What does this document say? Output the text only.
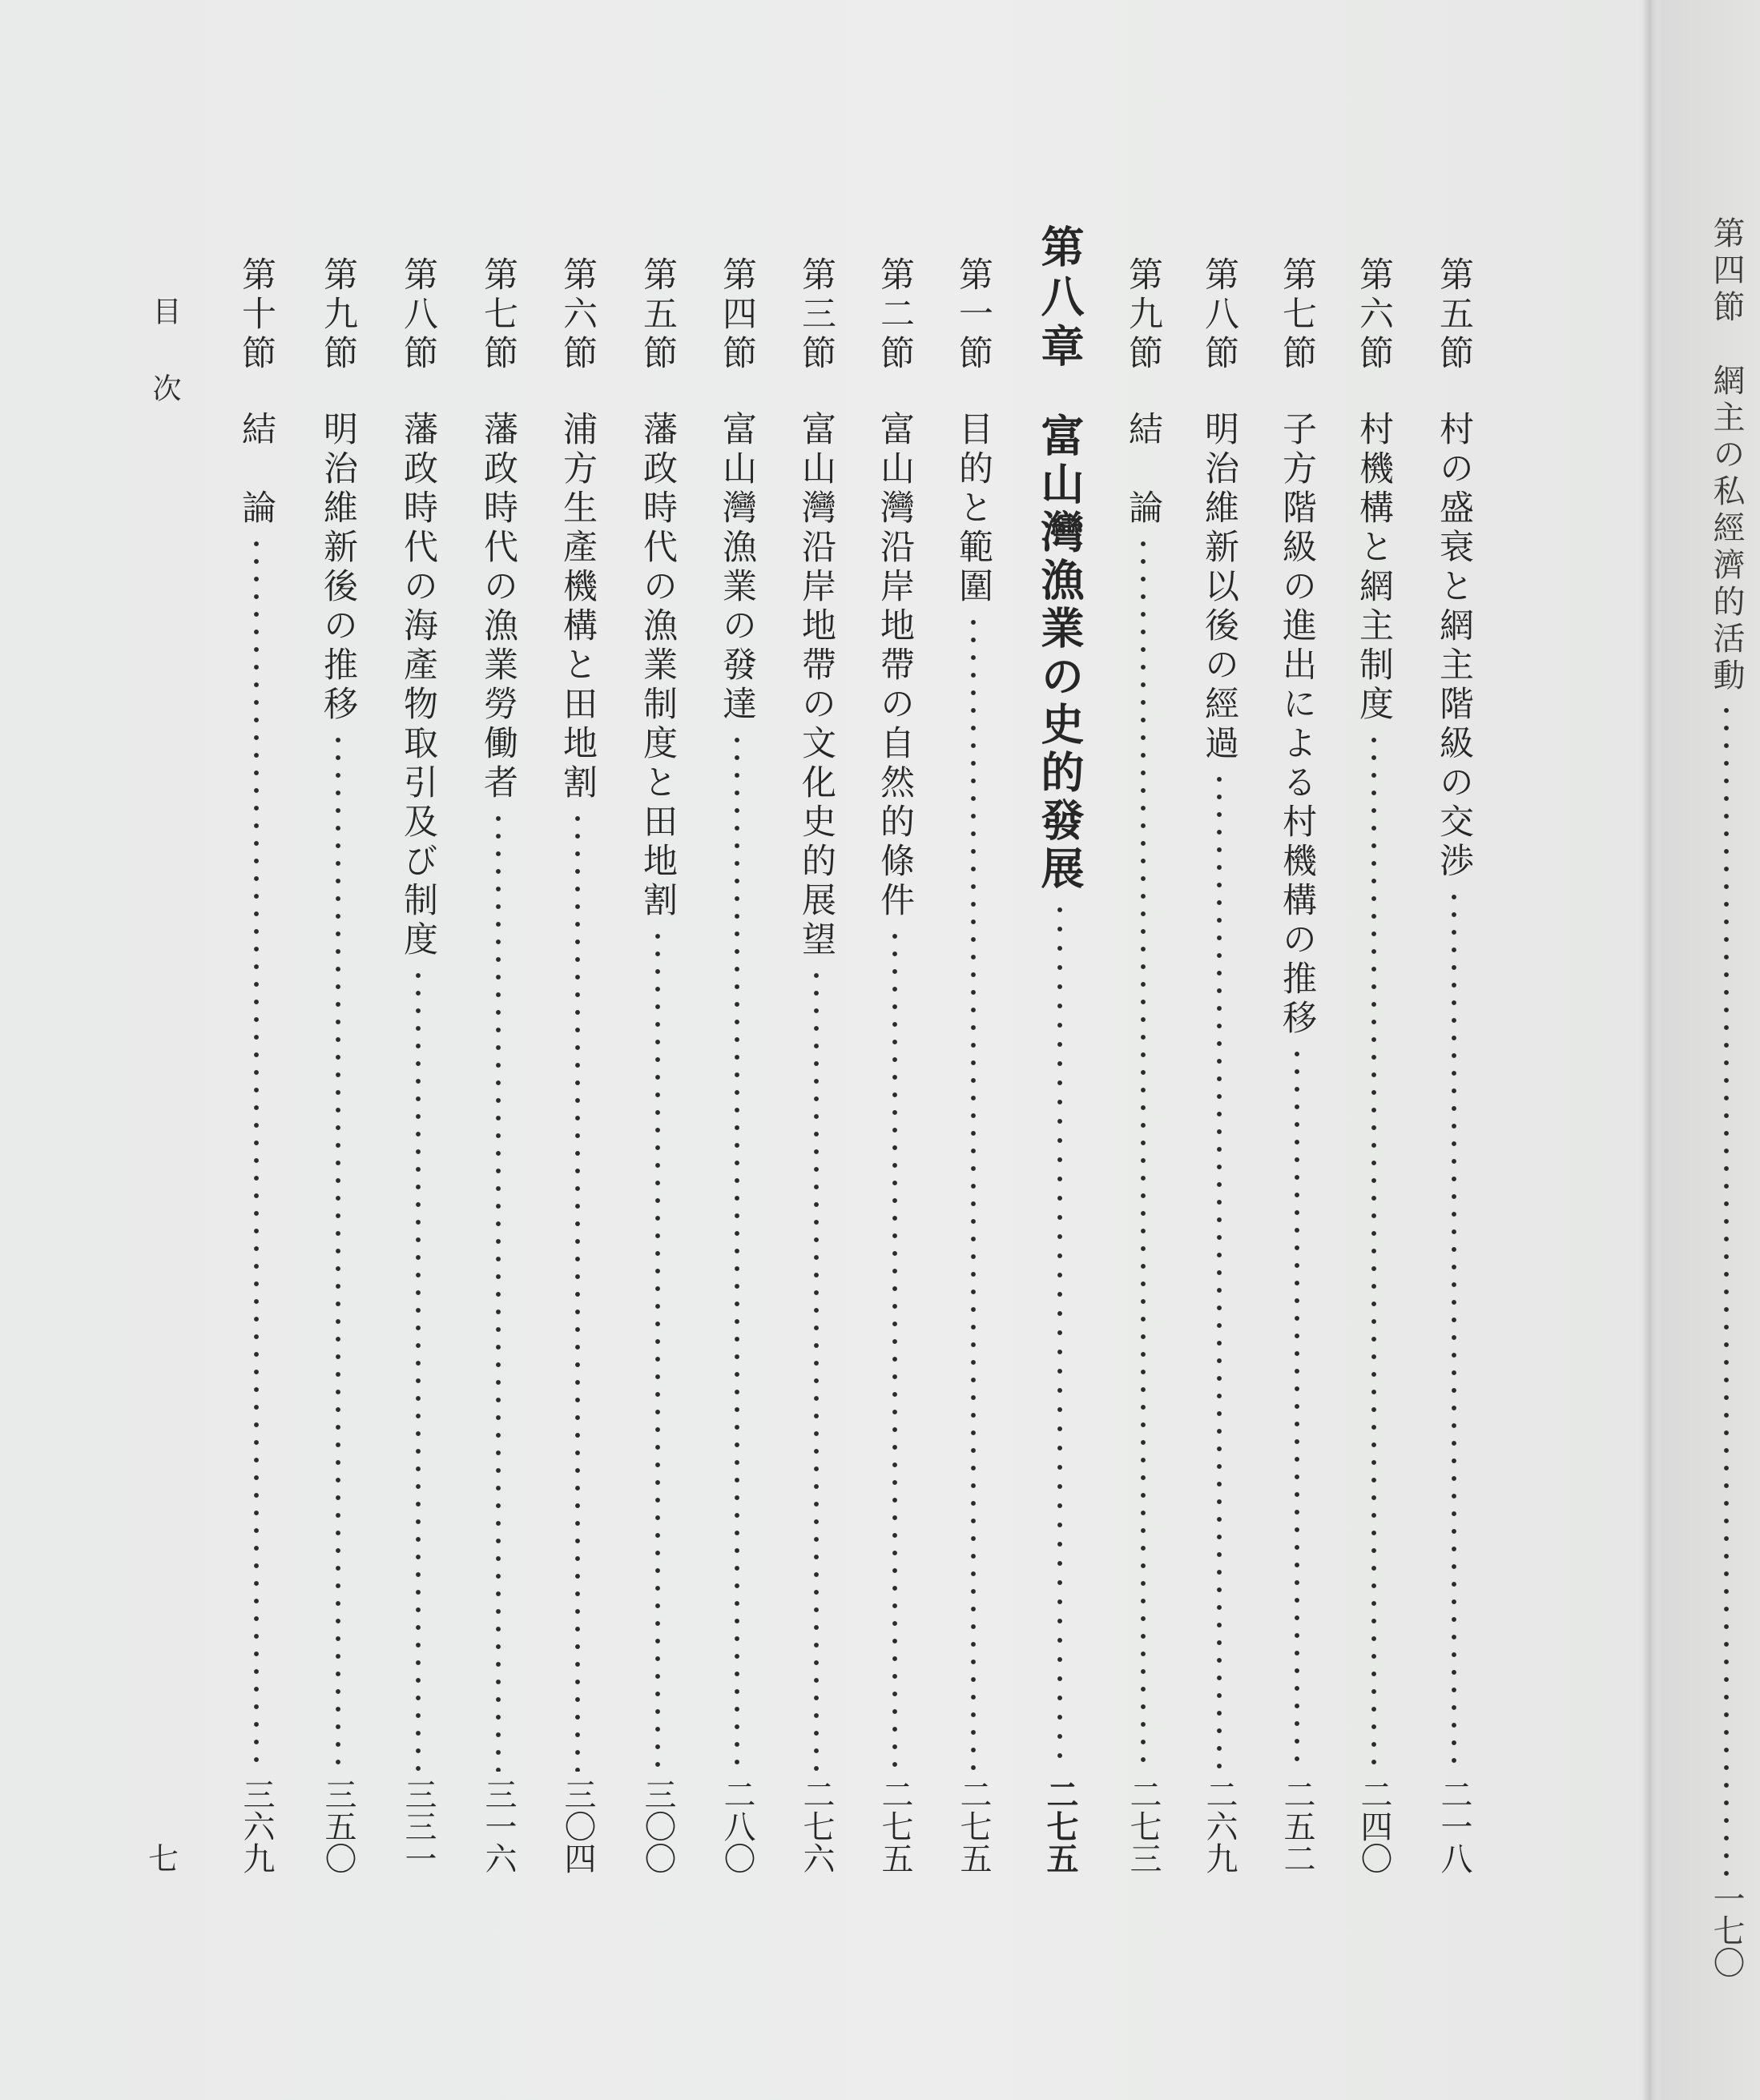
第四節
網主の私經濟的活動
一七〇
第五節
村の盛衰と網主階級の交渉
二一八
第六節
村機構と網主制度
二四〇
第七節
子方階級の進出による村機構の推移
二五二
第八節
明治維新以後の經過
二六九
第九節
結　論
二七三
第八章
富山灣漁業の史的發展
二七五
第一節
目的と範圍
二七五
第二節
富山灣沿岸地帶の自然的條件
二七五
第三節
富山灣沿岸地帶の文化史的展望
二七六
第四節
富山灣漁業の發達
二八〇
第五節
藩政時代の漁業制度と田地割
三〇〇
第六節
浦方生產機構と田地割
三〇四
第七節
藩政時代の漁業勞働者
三一六
第八節
藩政時代の海產物取引及び制度
三三一
第九節
明治維新後の推移
三五〇
第十節
結　論
三六九
目次
七
